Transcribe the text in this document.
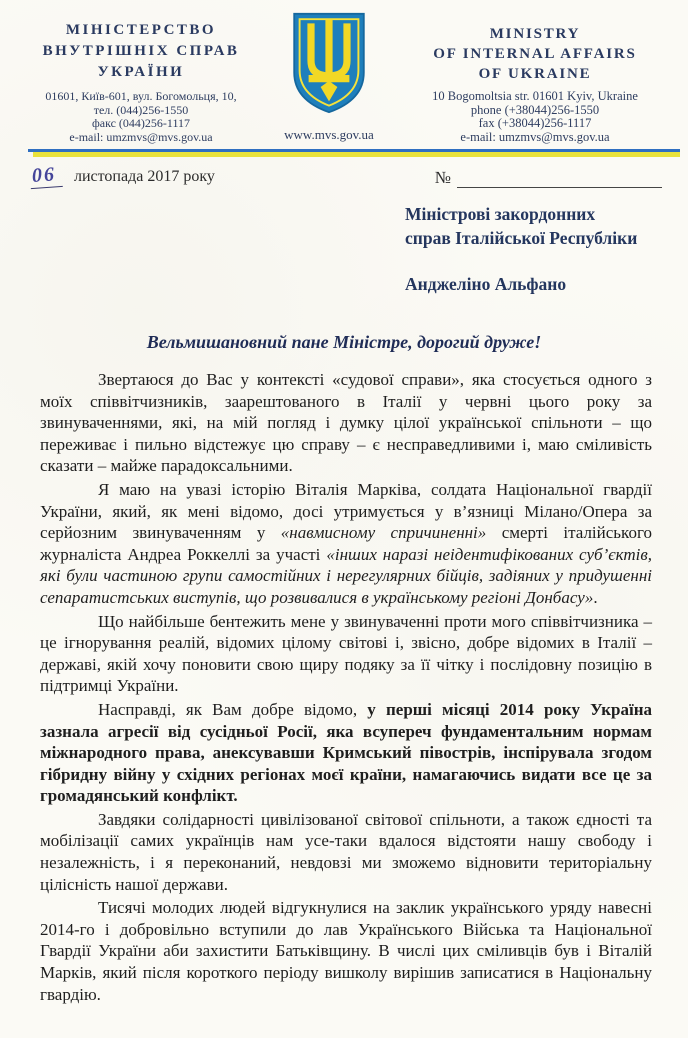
МІНІСТЕРСТВО
ВНУТРІШНІХ СПРАВ
УКРАЇНИ
01601, Київ-601, вул. Богомольця, 10,
тел. (044)256-1550
факс (044)256-1117
e-mail: umzmvs@mvs.gov.ua	www.mvs.gov.ua
MINISTRY
OF INTERNAL AFFAIRS
OF UKRAINE
10 Bogomoltsia str. 01601 Kyiv, Ukraine
phone (+38044)256-1550
fax (+38044)256-1117
e-mail: umzmvs@mvs.gov.ua
06 листопада 2017 року	№
Міністрові закордонних
справ Італійської Республіки
Анджеліно Альфано
Вельмишановний пане Міністре, дорогий друже!

Звертаюся до Вас у контексті «судової справи», яка стосується одного з моїх співвітчизників, заарештованого в Італії у червні цього року за звинуваченнями, які, на мій погляд і думку цілої української спільноти – що переживає і пильно відстежує цю справу – є несправедливими і, маю сміливість сказати – майже парадоксальними.

Я маю на увазі історію Віталія Марківа, солдата Національної гвардії України, який, як мені відомо, досі утримується у в’язниці Мілано/Опера за серйозним звинуваченням у «навмисному спричиненні» смерті італійського журналіста Андреа Роккеллі за участі «інших наразі неідентифікованих суб’єктів, які були частиною групи самостійних і нерегулярних бійців, задіяних у придушенні сепаратистських виступів, що розвивалися в українському регіоні Донбасу».

Що найбільше бентежить мене у звинуваченні проти мого співвітчизника – це ігнорування реалій, відомих цілому світові і, звісно, добре відомих в Італії – державі, якій хочу поновити свою щиру подяку за її чітку і послідовну позицію в підтримці України.

Насправді, як Вам добре відомо, у перші місяці 2014 року Україна зазнала агресії від сусідньої Росії, яка всупереч фундаментальним нормам міжнародного права, анексувавши Кримський півострів, інспірувала згодом гібридну війну у східних регіонах моєї країни, намагаючись видати все це за громадянський конфлікт.

Завдяки солідарності цивілізованої світової спільноти, а також єдності та мобілізації самих українців нам усе-таки вдалося відстояти нашу свободу і незалежність, і я переконаний, невдовзі ми зможемо відновити територіальну цілісність нашої держави.

Тисячі молодих людей відгукнулися на заклик українського уряду навесні 2014-го і добровільно вступили до лав Українського Війська та Національної Гвардії України аби захистити Батьківщину. В числі цих сміливців був і Віталій Марків, який після короткого періоду вишколу вирішив записатися в Національну гвардію.
